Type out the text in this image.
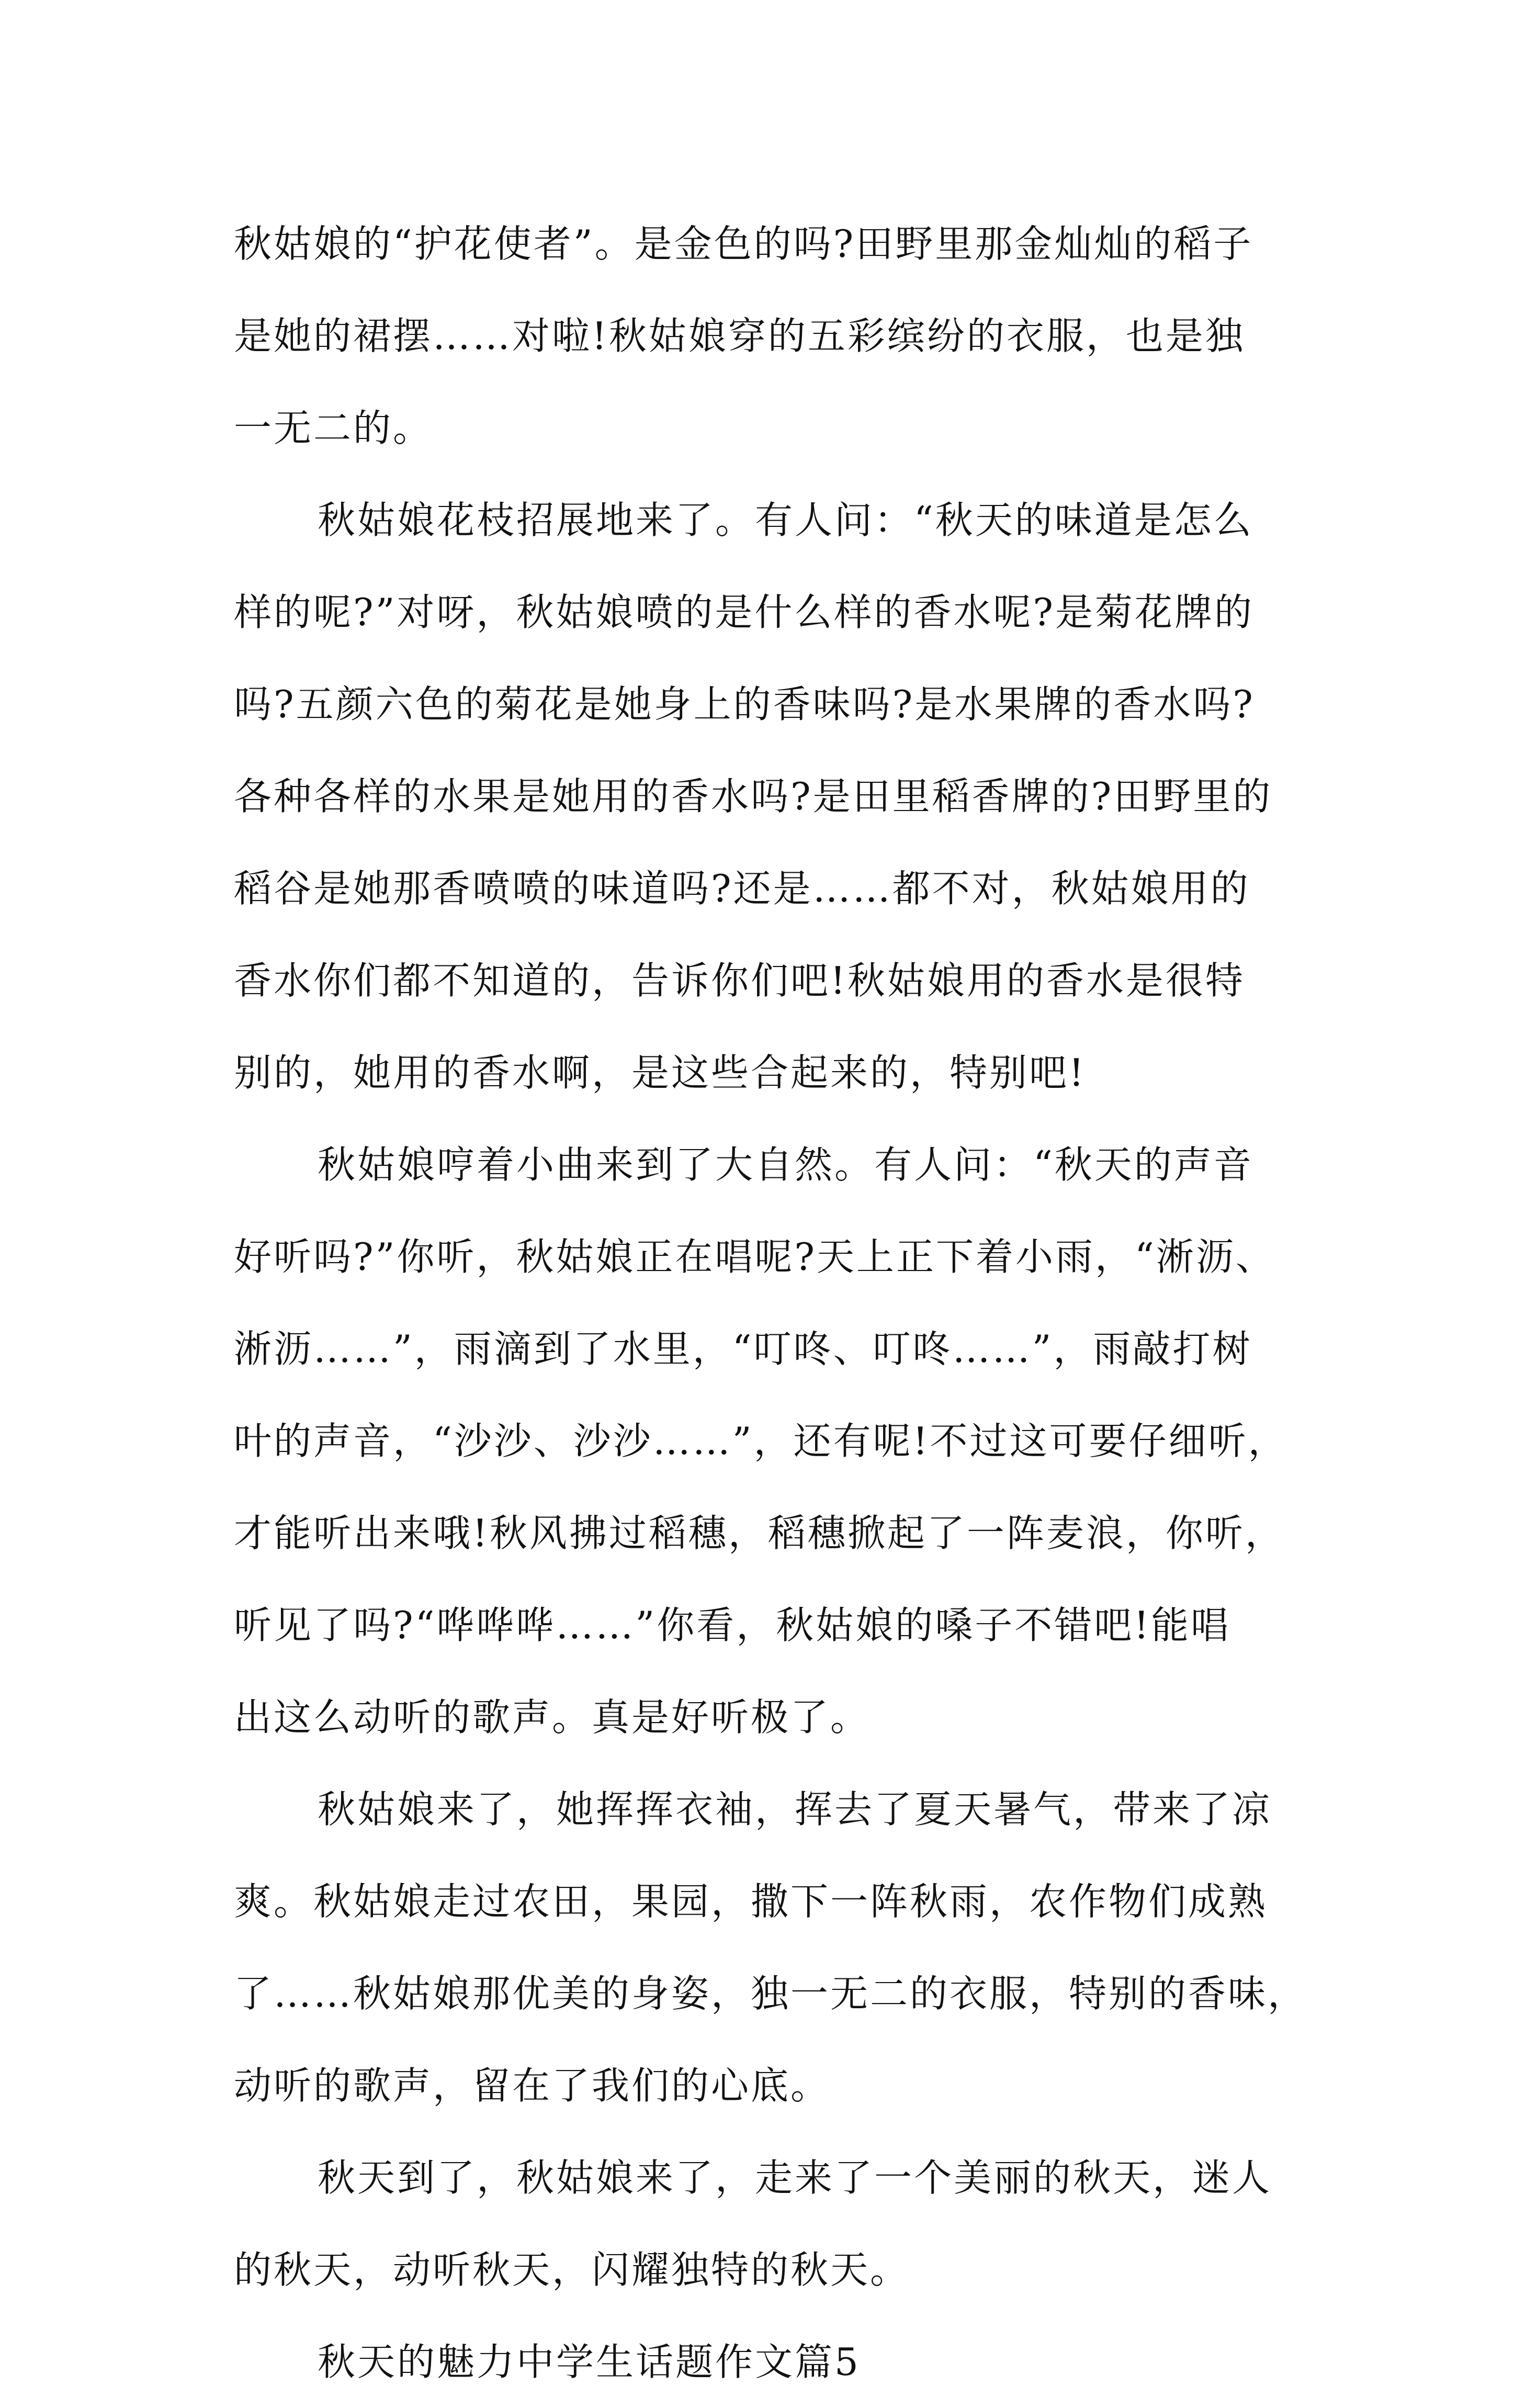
秋姑娘的“护花使者”。是金色的吗?田野里那金灿灿的稻子
是她的裙摆……对啦!秋姑娘穿的五彩缤纷的衣服，也是独
一无二的。
秋姑娘花枝招展地来了。有人问：“秋天的味道是怎么
样的呢?”对呀，秋姑娘喷的是什么样的香水呢?是菊花牌的
吗?五颜六色的菊花是她身上的香味吗?是水果牌的香水吗?
各种各样的水果是她用的香水吗?是田里稻香牌的?田野里的
稻谷是她那香喷喷的味道吗?还是……都不对，秋姑娘用的
香水你们都不知道的，告诉你们吧!秋姑娘用的香水是很特
别的，她用的香水啊，是这些合起来的，特别吧!
秋姑娘哼着小曲来到了大自然。有人问：“秋天的声音
好听吗?”你听，秋姑娘正在唱呢?天上正下着小雨，“淅沥、
淅沥……”，雨滴到了水里，“叮咚、叮咚……”，雨敲打树
叶的声音，“沙沙、沙沙……”，还有呢!不过这可要仔细听，
才能听出来哦!秋风拂过稻穗，稻穗掀起了一阵麦浪，你听，
听见了吗?“哗哗哗……”你看，秋姑娘的嗓子不错吧!能唱
出这么动听的歌声。真是好听极了。
秋姑娘来了，她挥挥衣袖，挥去了夏天暑气，带来了凉
爽。秋姑娘走过农田，果园，撒下一阵秋雨，农作物们成熟
了……秋姑娘那优美的身姿，独一无二的衣服，特别的香味，
动听的歌声，留在了我们的心底。
秋天到了，秋姑娘来了，走来了一个美丽的秋天，迷人
的秋天，动听秋天，闪耀独特的秋天。
秋天的魅力中学生话题作文篇5
